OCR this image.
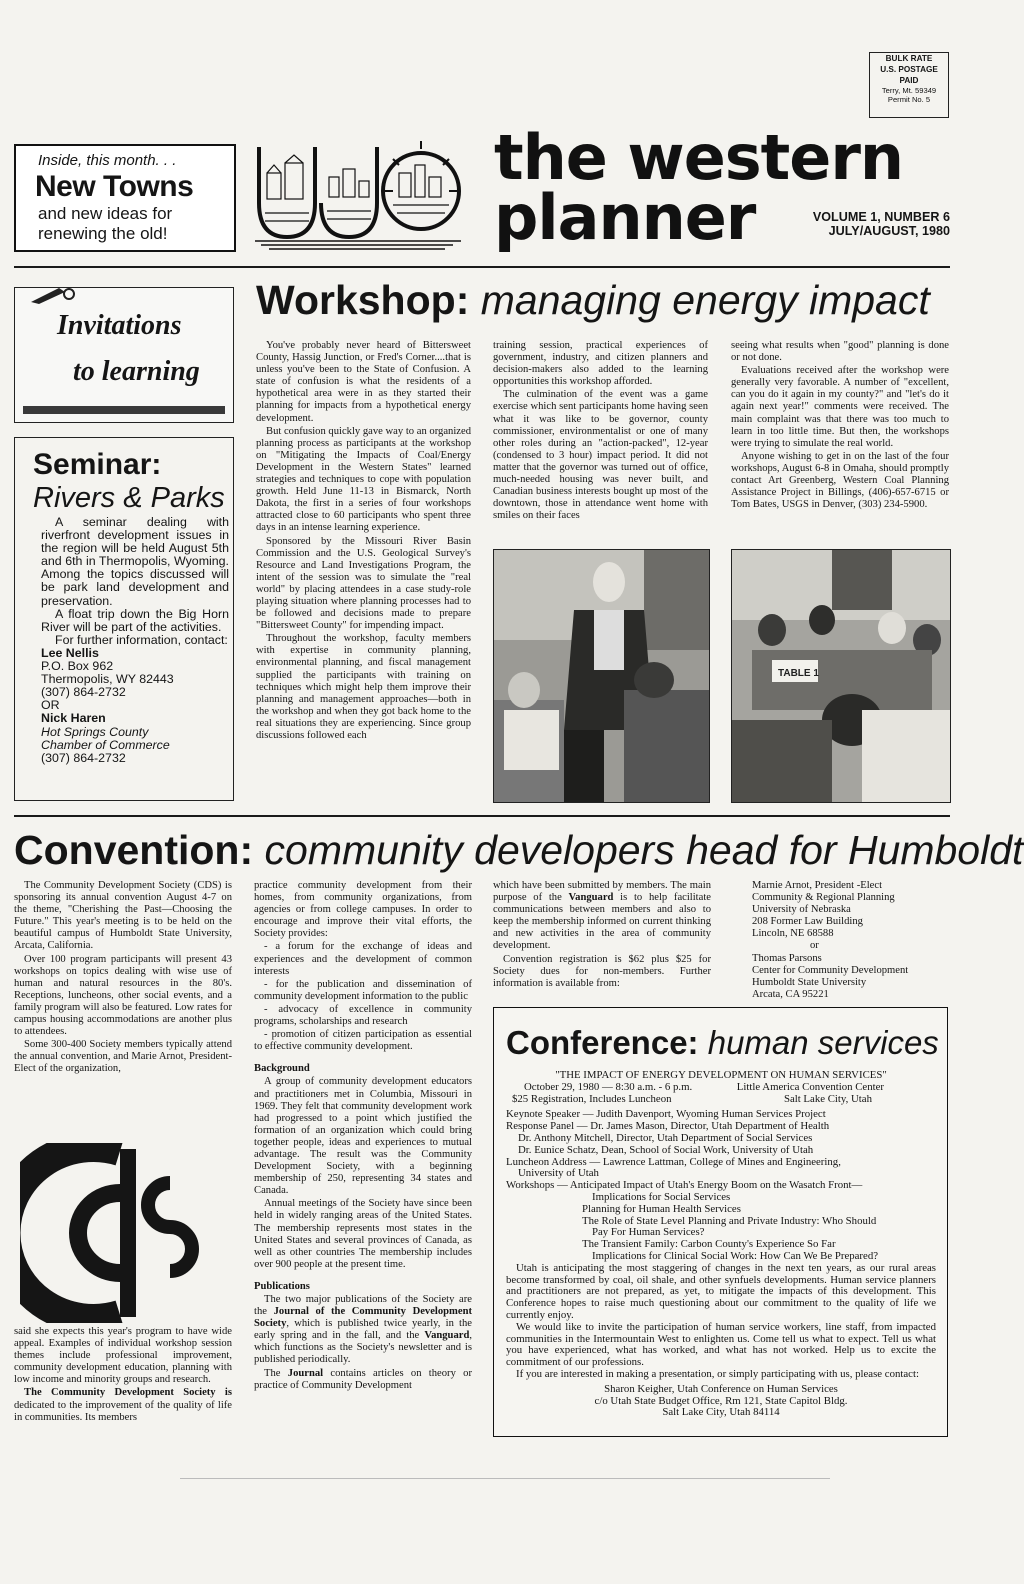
BULK RATE
U.S. POSTAGE
PAID
Terry, Mt. 59349
Permit No. 5
Inside, this month. . .
New Towns
and new ideas for
renewing the old!
the western
planner	VOLUME 1, NUMBER 6
JULY/AUGUST, 1980
Invitations
to learning
Seminar:
Rivers & Parks

A seminar dealing with riverfront development issues in the region will be held August 5th and 6th in Thermopolis, Wyoming. Among the topics discussed will be park land development and preservation.

A float trip down the Big Horn River will be part of the activities.

For further information, contact:

Lee Nellis
P.O. Box 962
Thermopolis, WY 82443
(307) 864-2732
OR
Nick Haren
Hot Springs County
Chamber of Commerce
(307) 864-2732

Workshop: managing energy impact

You've probably never heard of Bittersweet County, Hassig Junction, or Fred's Corner....that is unless you've been to the State of Confusion. A state of confusion is what the residents of a hypothetical area were in as they started their planning for impacts from a hypothetical energy development.

But confusion quickly gave way to an organized planning process as participants at the workshop on "Mitigating the Impacts of Coal/Energy Development in the Western States" learned strategies and techniques to cope with population growth. Held June 11-13 in Bismarck, North Dakota, the first in a series of four workshops attracted close to 60 participants who spent three days in an intense learning experience.

Sponsored by the Missouri River Basin Commission and the U.S. Geological Survey's Resource and Land Investigations Program, the intent of the session was to simulate the "real world" by placing attendees in a case study-role playing situation where planning processes had to be followed and decisions made to prepare "Bittersweet County" for impending impact.

Throughout the workshop, faculty members with expertise in community planning, environmental planning, and fiscal management supplied the participants with training on techniques which might help them improve their planning and management approaches—both in the workshop and when they got back home to the real situations they are experiencing. Since group discussions followed each

training session, practical experiences of government, industry, and citizen planners and decision-makers also added to the learning opportunities this workshop afforded.

The culmination of the event was a game exercise which sent participants home having seen what it was like to be governor, county commissioner, environmentalist or one of many other roles during an "action-packed", 12-year (condensed to 3 hour) impact period. It did not matter that the governor was turned out of office, much-needed housing was never built, and Canadian business interests bought up most of the downtown, those in attendance went home with smiles on their faces

seeing what results when "good" planning is done or not done.

Evaluations received after the workshop were generally very favorable. A number of "excellent, can you do it again in my county?" and "let's do it again next year!" comments were received. The main complaint was that there was too much to learn in too little time. But then, the workshops were trying to simulate the real world.

Anyone wishing to get in on the last of the four workshops, August 6-8 in Omaha, should promptly contact Art Greenberg, Western Coal Planning Assistance Project in Billings, (406)-657-6715 or Tom Bates, USGS in Denver, (303) 234-5900.

TABLE 1
Convention: community developers head for Humboldt

The Community Development Society (CDS) is sponsoring its annual convention August 4-7 on the theme, "Cherishing the Past—Choosing the Future." This year's meeting is to be held on the beautiful campus of Humboldt State University, Arcata, California.

Over 100 program participants will present 43 workshops on topics dealing with wise use of human and natural resources in the 80's. Receptions, luncheons, other social events, and a family program will also be featured. Low rates for campus housing accommodations are another plus to attendees.

Some 300-400 Society members typically attend the annual convention, and Marie Arnot, President-Elect of the organization,

said she expects this year's program to have wide appeal. Examples of individual workshop session themes include professional improvement, community development education, planning with low income and minority groups and research.

The Community Development Society is dedicated to the improvement of the quality of life in communities. Its members

practice community development from their homes, from community organizations, from agencies or from college campuses. In order to encourage and improve their vital efforts, the Society provides:

- a forum for the exchange of ideas and experiences and the development of common interests

- for the publication and dissemination of community development information to the public

- advocacy of excellence in community programs, scholarships and research

- promotion of citizen participation as essential to effective community development.

Background

A group of community development educators and practitioners met in Columbia, Missouri in 1969. They felt that community development work had progressed to a point which justified the formation of an organization which could bring together people, ideas and experiences to mutual advantage. The result was the Community Development Society, with a beginning membership of 250, representing 34 states and Canada.

Annual meetings of the Society have since been held in widely ranging areas of the United States. The membership represents most states in the United States and several provinces of Canada, as well as other countries The membership includes over 900 people at the present time.

Publications

The two major publications of the Society are the Journal of the Community Development Society, which is published twice yearly, in the early spring and in the fall, and the Vanguard, which functions as the Society's newsletter and is published periodically.

The Journal contains articles on theory or practice of Community Development

which have been submitted by members. The main purpose of the Vanguard is to help facilitate communications between members and also to keep the membership informed on current thinking and new activities in the area of community development.

Convention registration is $62 plus $25 for Society dues for non-members. Further information is available from:

Marnie Arnot, President -Elect
Community & Regional Planning
University of Nebraska
208 Former Law Building
Lincoln, NE 68588
or
Thomas Parsons
Center for Community Development
Humboldt State University
Arcata, CA 95221
Conference: human services
"THE IMPACT OF ENERGY DEVELOPMENT ON HUMAN SERVICES"
October 29, 1980 — 8:30 a.m. - 6 p.m.	Little America Convention Center
$25 Registration, Includes Luncheon	Salt Lake City, Utah
Keynote Speaker — Judith Davenport, Wyoming Human Services Project
Response Panel — Dr. James Mason, Director, Utah Department of Health
Dr. Anthony Mitchell, Director, Utah Department of Social Services
Dr. Eunice Schatz, Dean, School of Social Work, University of Utah
Luncheon Address — Lawrence Lattman, College of Mines and Engineering,
University of Utah
Workshops — Anticipated Impact of Utah's Energy Boom on the Wasatch Front—
Implications for Social Services
Planning for Human Health Services
The Role of State Level Planning and Private Industry: Who Should
Pay For Human Services?
The Transient Family: Carbon County's Experience So Far
Implications for Clinical Social Work: How Can We Be Prepared?

Utah is anticipating the most staggering of changes in the next ten years, as our rural areas become transformed by coal, oil shale, and other synfuels developments. Human service planners and practitioners are not prepared, as yet, to mitigate the impacts of this development. This Conference hopes to raise much questioning about our commitment to the quality of life we currently enjoy.

We would like to invite the participation of human service workers, line staff, from impacted communities in the Intermountain West to enlighten us. Come tell us what to expect. Tell us what you have experienced, what has worked, and what has not worked. Help us to excite the commitment of our professions.

If you are interested in making a presentation, or simply participating with us, please contact:

Sharon Keigher, Utah Conference on Human Services
c/o Utah State Budget Office, Rm 121, State Capitol Bldg.
Salt Lake City, Utah 84114
